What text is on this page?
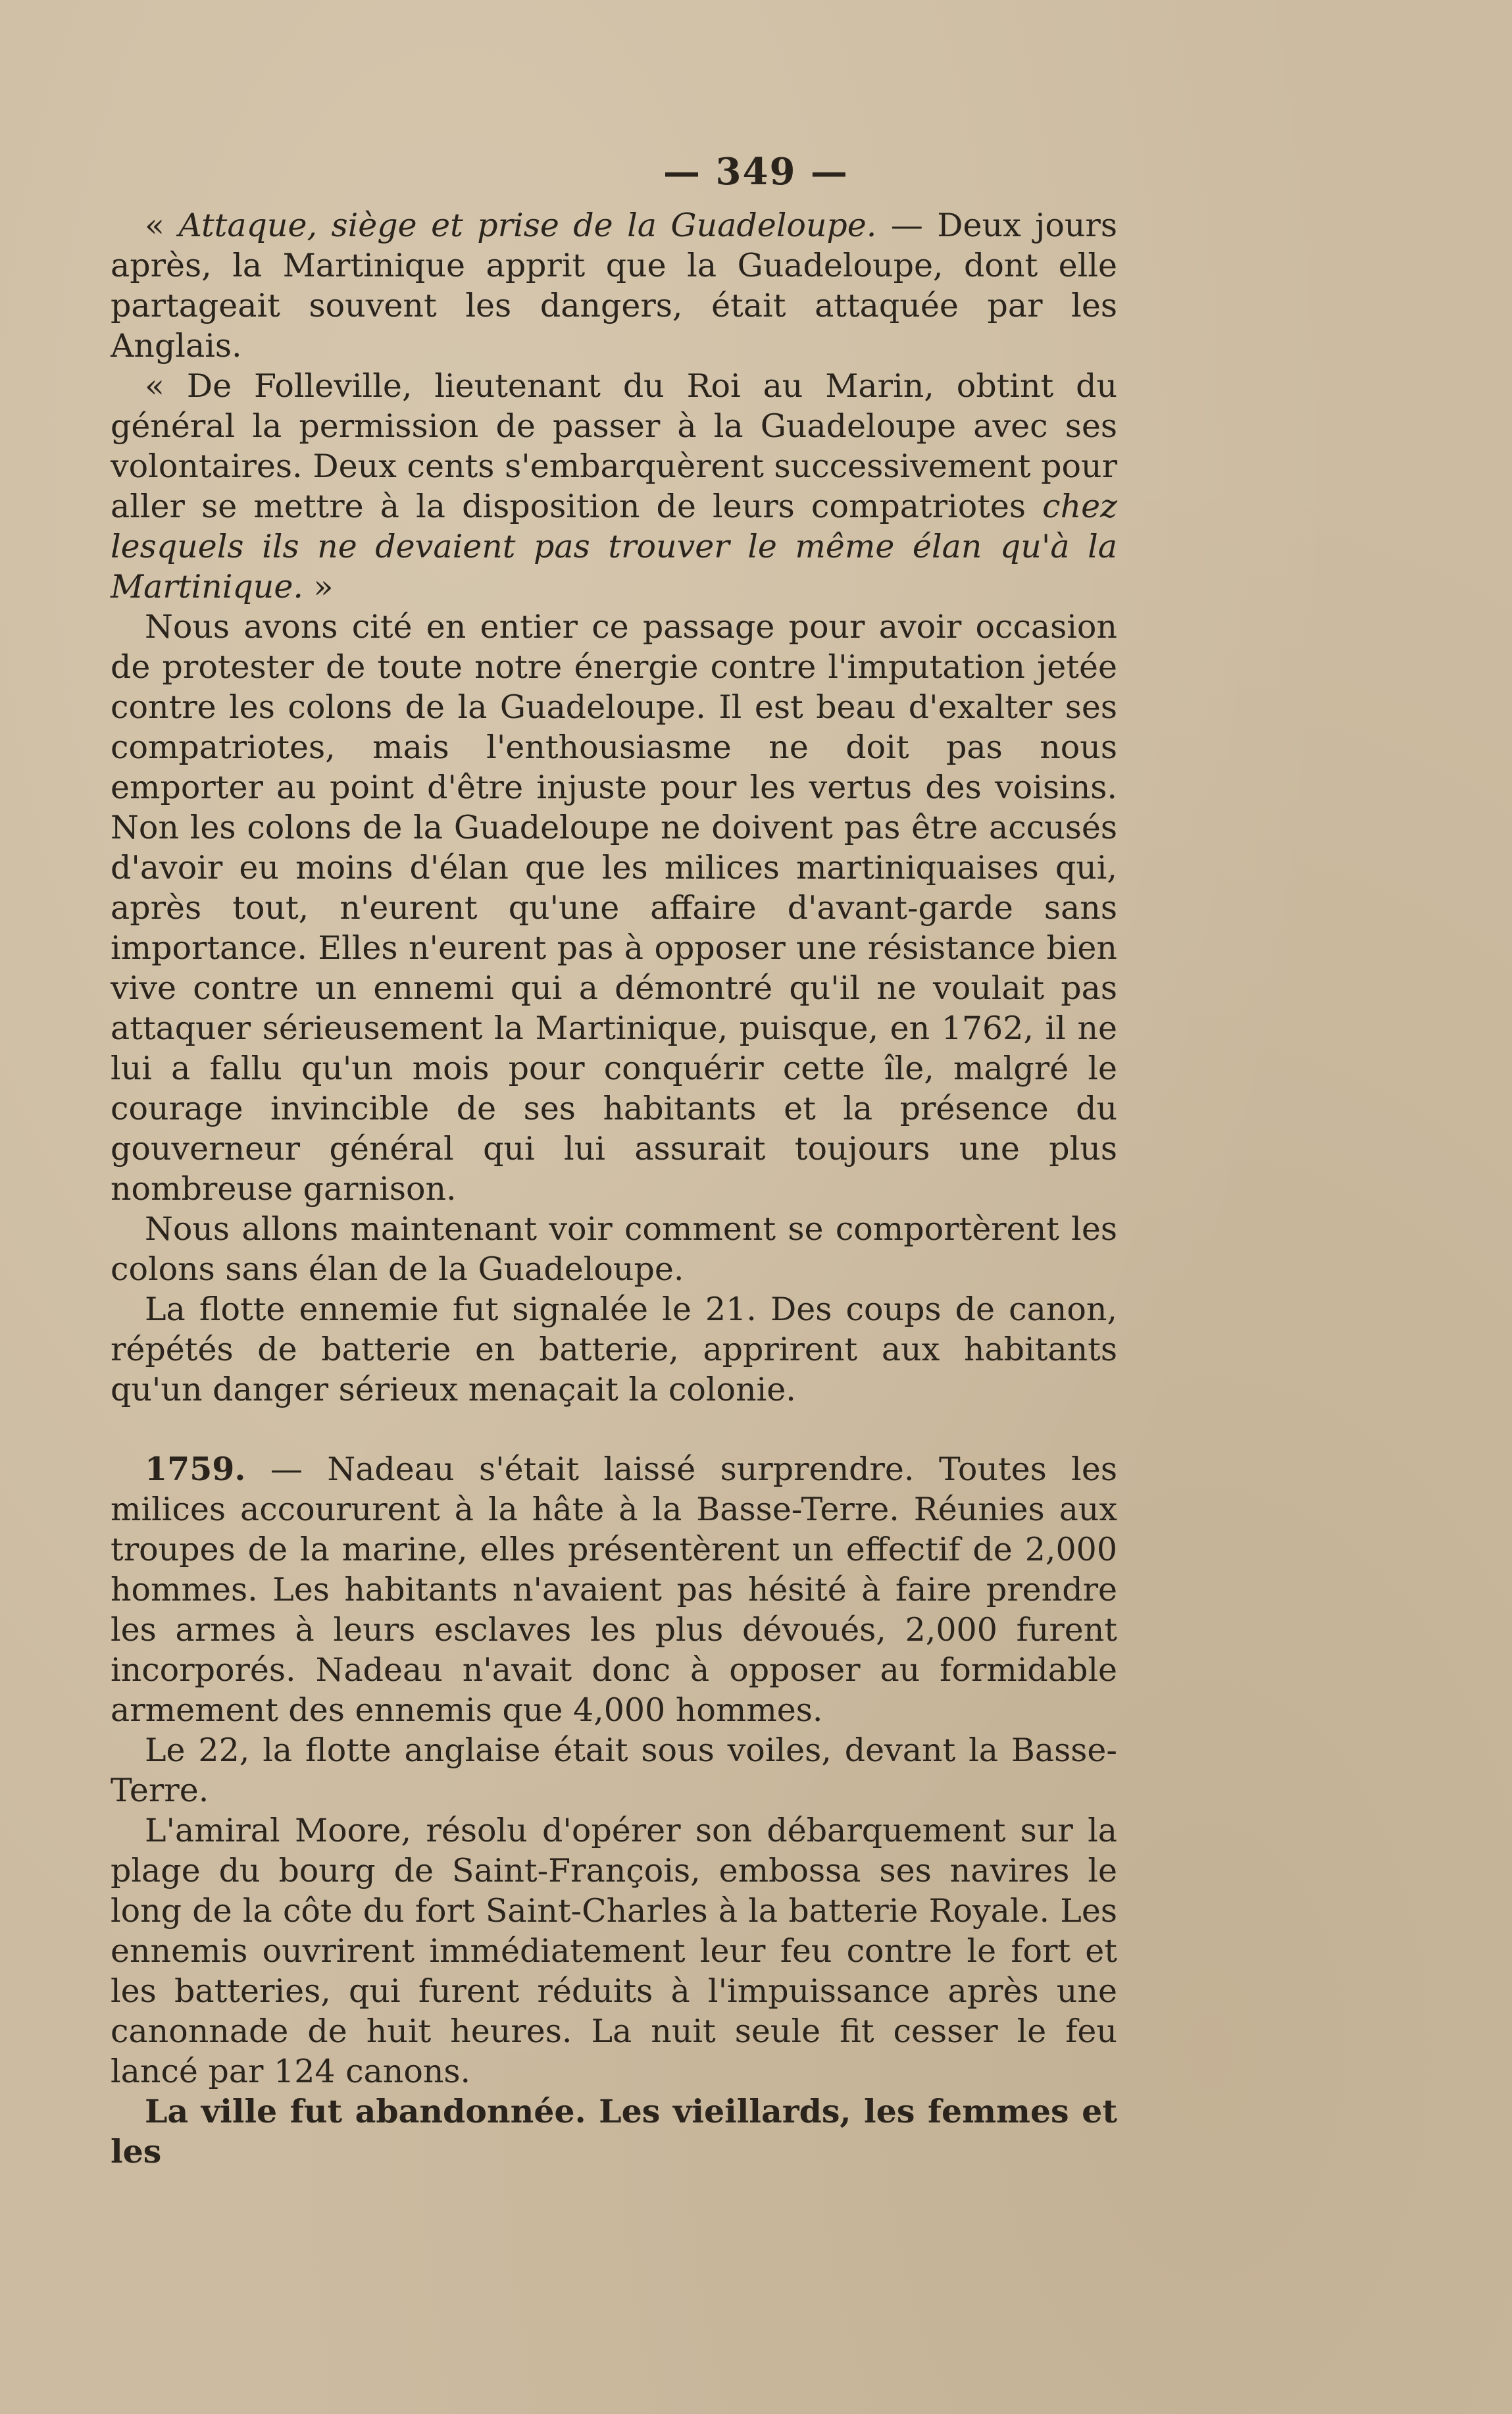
— 349 —

« Attaque, siège et prise de la Guadeloupe. — Deux jours après, la Martinique apprit que la Guadeloupe, dont elle partageait souvent les dangers, était attaquée par les Anglais.

« De Folleville, lieutenant du Roi au Marin, obtint du général la permission de passer à la Guadeloupe avec ses volontaires. Deux cents s'embarquèrent successivement pour aller se mettre à la disposition de leurs compatriotes chez lesquels ils ne devaient pas trouver le même élan qu'à la Martinique. »

Nous avons cité en entier ce passage pour avoir occasion de protester de toute notre énergie contre l'imputation jetée contre les colons de la Guadeloupe. Il est beau d'exalter ses compatriotes, mais l'enthousiasme ne doit pas nous emporter au point d'être injuste pour les vertus des voisins. Non les colons de la Guadeloupe ne doivent pas être accusés d'avoir eu moins d'élan que les milices martiniquaises qui, après tout, n'eurent qu'une affaire d'avant-garde sans importance. Elles n'eurent pas à opposer une résistance bien vive contre un ennemi qui a démontré qu'il ne voulait pas attaquer sérieusement la Martinique, puisque, en 1762, il ne lui a fallu qu'un mois pour conquérir cette île, malgré le courage invincible de ses habitants et la présence du gouverneur général qui lui assurait toujours une plus nombreuse garnison.

Nous allons maintenant voir comment se comportèrent les colons sans élan de la Guadeloupe.

La flotte ennemie fut signalée le 21. Des coups de canon, répétés de batterie en batterie, apprirent aux habitants qu'un danger sérieux menaçait la colonie.

1759. — Nadeau s'était laissé surprendre. Toutes les milices accoururent à la hâte à la Basse-Terre. Réunies aux troupes de la marine, elles présentèrent un effectif de 2,000 hommes. Les habitants n'avaient pas hésité à faire prendre les armes à leurs esclaves les plus dévoués, 2,000 furent incorporés. Nadeau n'avait donc à opposer au formidable armement des ennemis que 4,000 hommes.

Le 22, la flotte anglaise était sous voiles, devant la Basse-Terre.

L'amiral Moore, résolu d'opérer son débarquement sur la plage du bourg de Saint-François, embossa ses navires le long de la côte du fort Saint-Charles à la batterie Royale. Les ennemis ouvrirent immédiatement leur feu contre le fort et les batteries, qui furent réduits à l'impuissance après une canonnade de huit heures. La nuit seule fit cesser le feu lancé par 124 canons.

La ville fut abandonnée. Les vieillards, les femmes et les
